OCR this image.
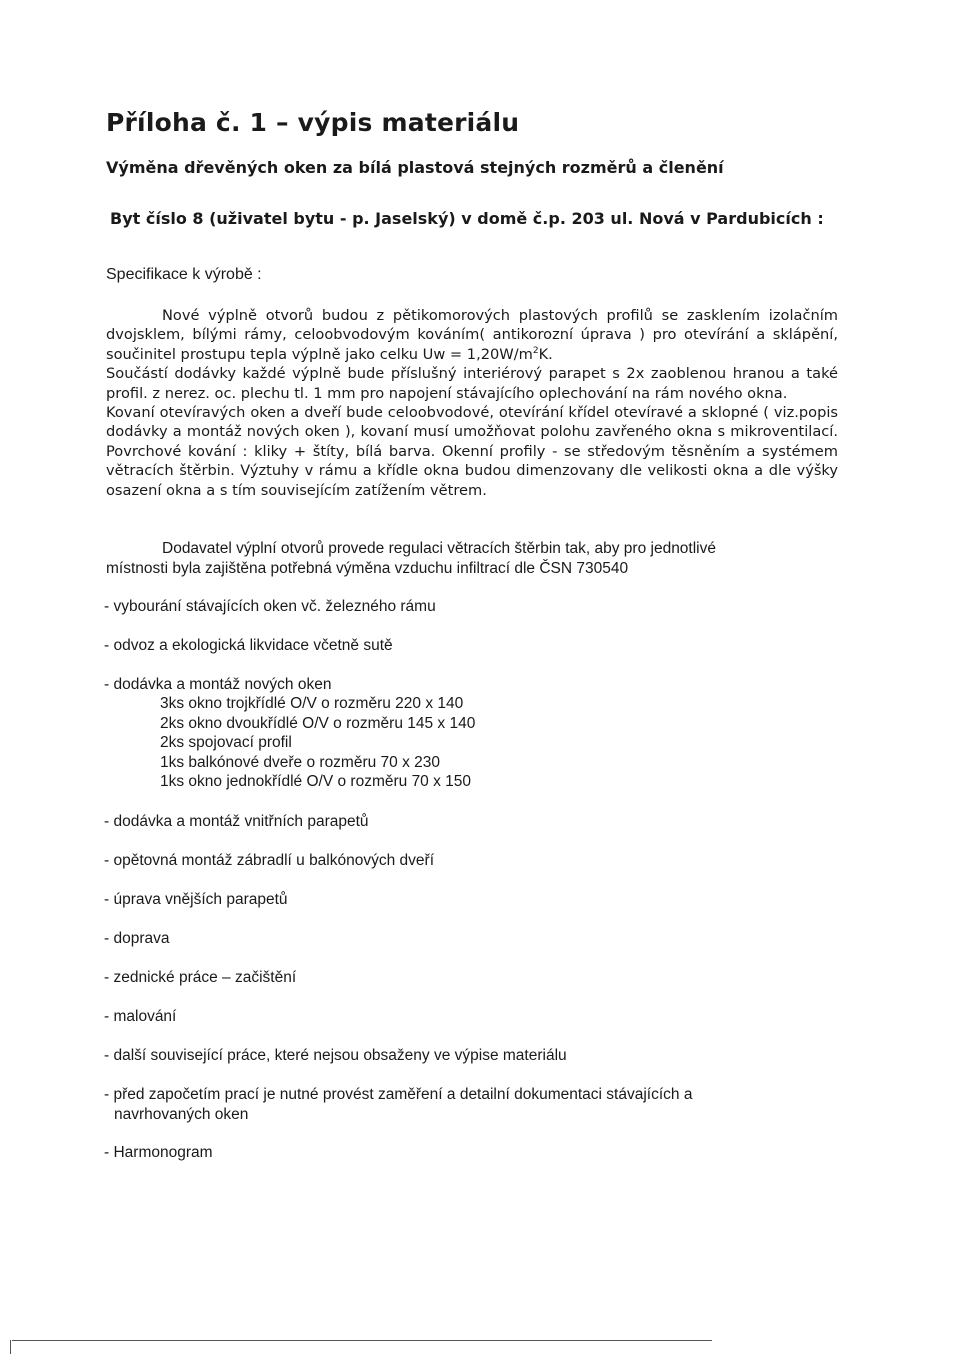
Příloha č. 1 – výpis materiálu
Výměna dřevěných oken za bílá plastová stejných rozměrů a členění

Byt číslo 8 (uživatel bytu - p. Jaselský) v domě č.p. 203 ul. Nová v Pardubicích :

Specifikace k výrobě :

Nové výplně otvorů budou z pětikomorových plastových profilů se zasklením izolačním dvojsklem, bílými rámy, celoobvodovým kováním( antikorozní úprava ) pro otevírání a sklápění, součinitel prostupu tepla výplně jako celku $Uw = 1,20W/m^2K$.

Součástí dodávky každé výplně bude příslušný interiérový parapet s 2x zaoblenou hranou a také profil. z nerez. oc. plechu tl. 1 mm pro napojení stávajícího oplechování na rám nového okna.

Kovaní otevíravých oken a dveří bude celoobvodové, otevírání křídel otevíravé a sklopné ( viz.popis dodávky a montáž nových oken ), kovaní musí umožňovat polohu zavřeného okna s mikroventilací. Povrchové kování : kliky + štíty, bílá barva. Okenní profily - se středovým těsněním a systémem větracích štěrbin. Výztuhy v rámu a křídle okna budou dimenzovany dle velikosti okna a dle výšky osazení okna a s tím souvisejícím zatížením větrem.

Dodavatel výplní otvorů provede regulaci větracích štěrbin tak, aby pro jednotlivé
místnosti byla zajištěna potřebná výměna vzduchu infiltrací dle ČSN 730540

- vybourání stávajících oken vč. železného rámu

- odvoz a ekologická likvidace včetně sutě

- dodávka a montáž nových oken

3ks okno trojkřídlé O/V o rozměru 220 x 140
2ks okno dvoukřídlé O/V o rozměru 145 x 140
2ks spojovací profil
1ks balkónové dveře o rozměru 70 x 230
1ks okno jednokřídlé O/V o rozměru 70 x 150

- dodávka a montáž vnitřních parapetů

- opětovná montáž zábradlí u balkónových dveří

- úprava vnějších parapetů

- doprava

- zednické práce – začištění

- malování

- další související práce, které nejsou obsaženy ve výpise materiálu

- před započetím prací je nutné provést zaměření a detailní dokumentaci stávajících a
navrhovaných oken

- Harmonogram
